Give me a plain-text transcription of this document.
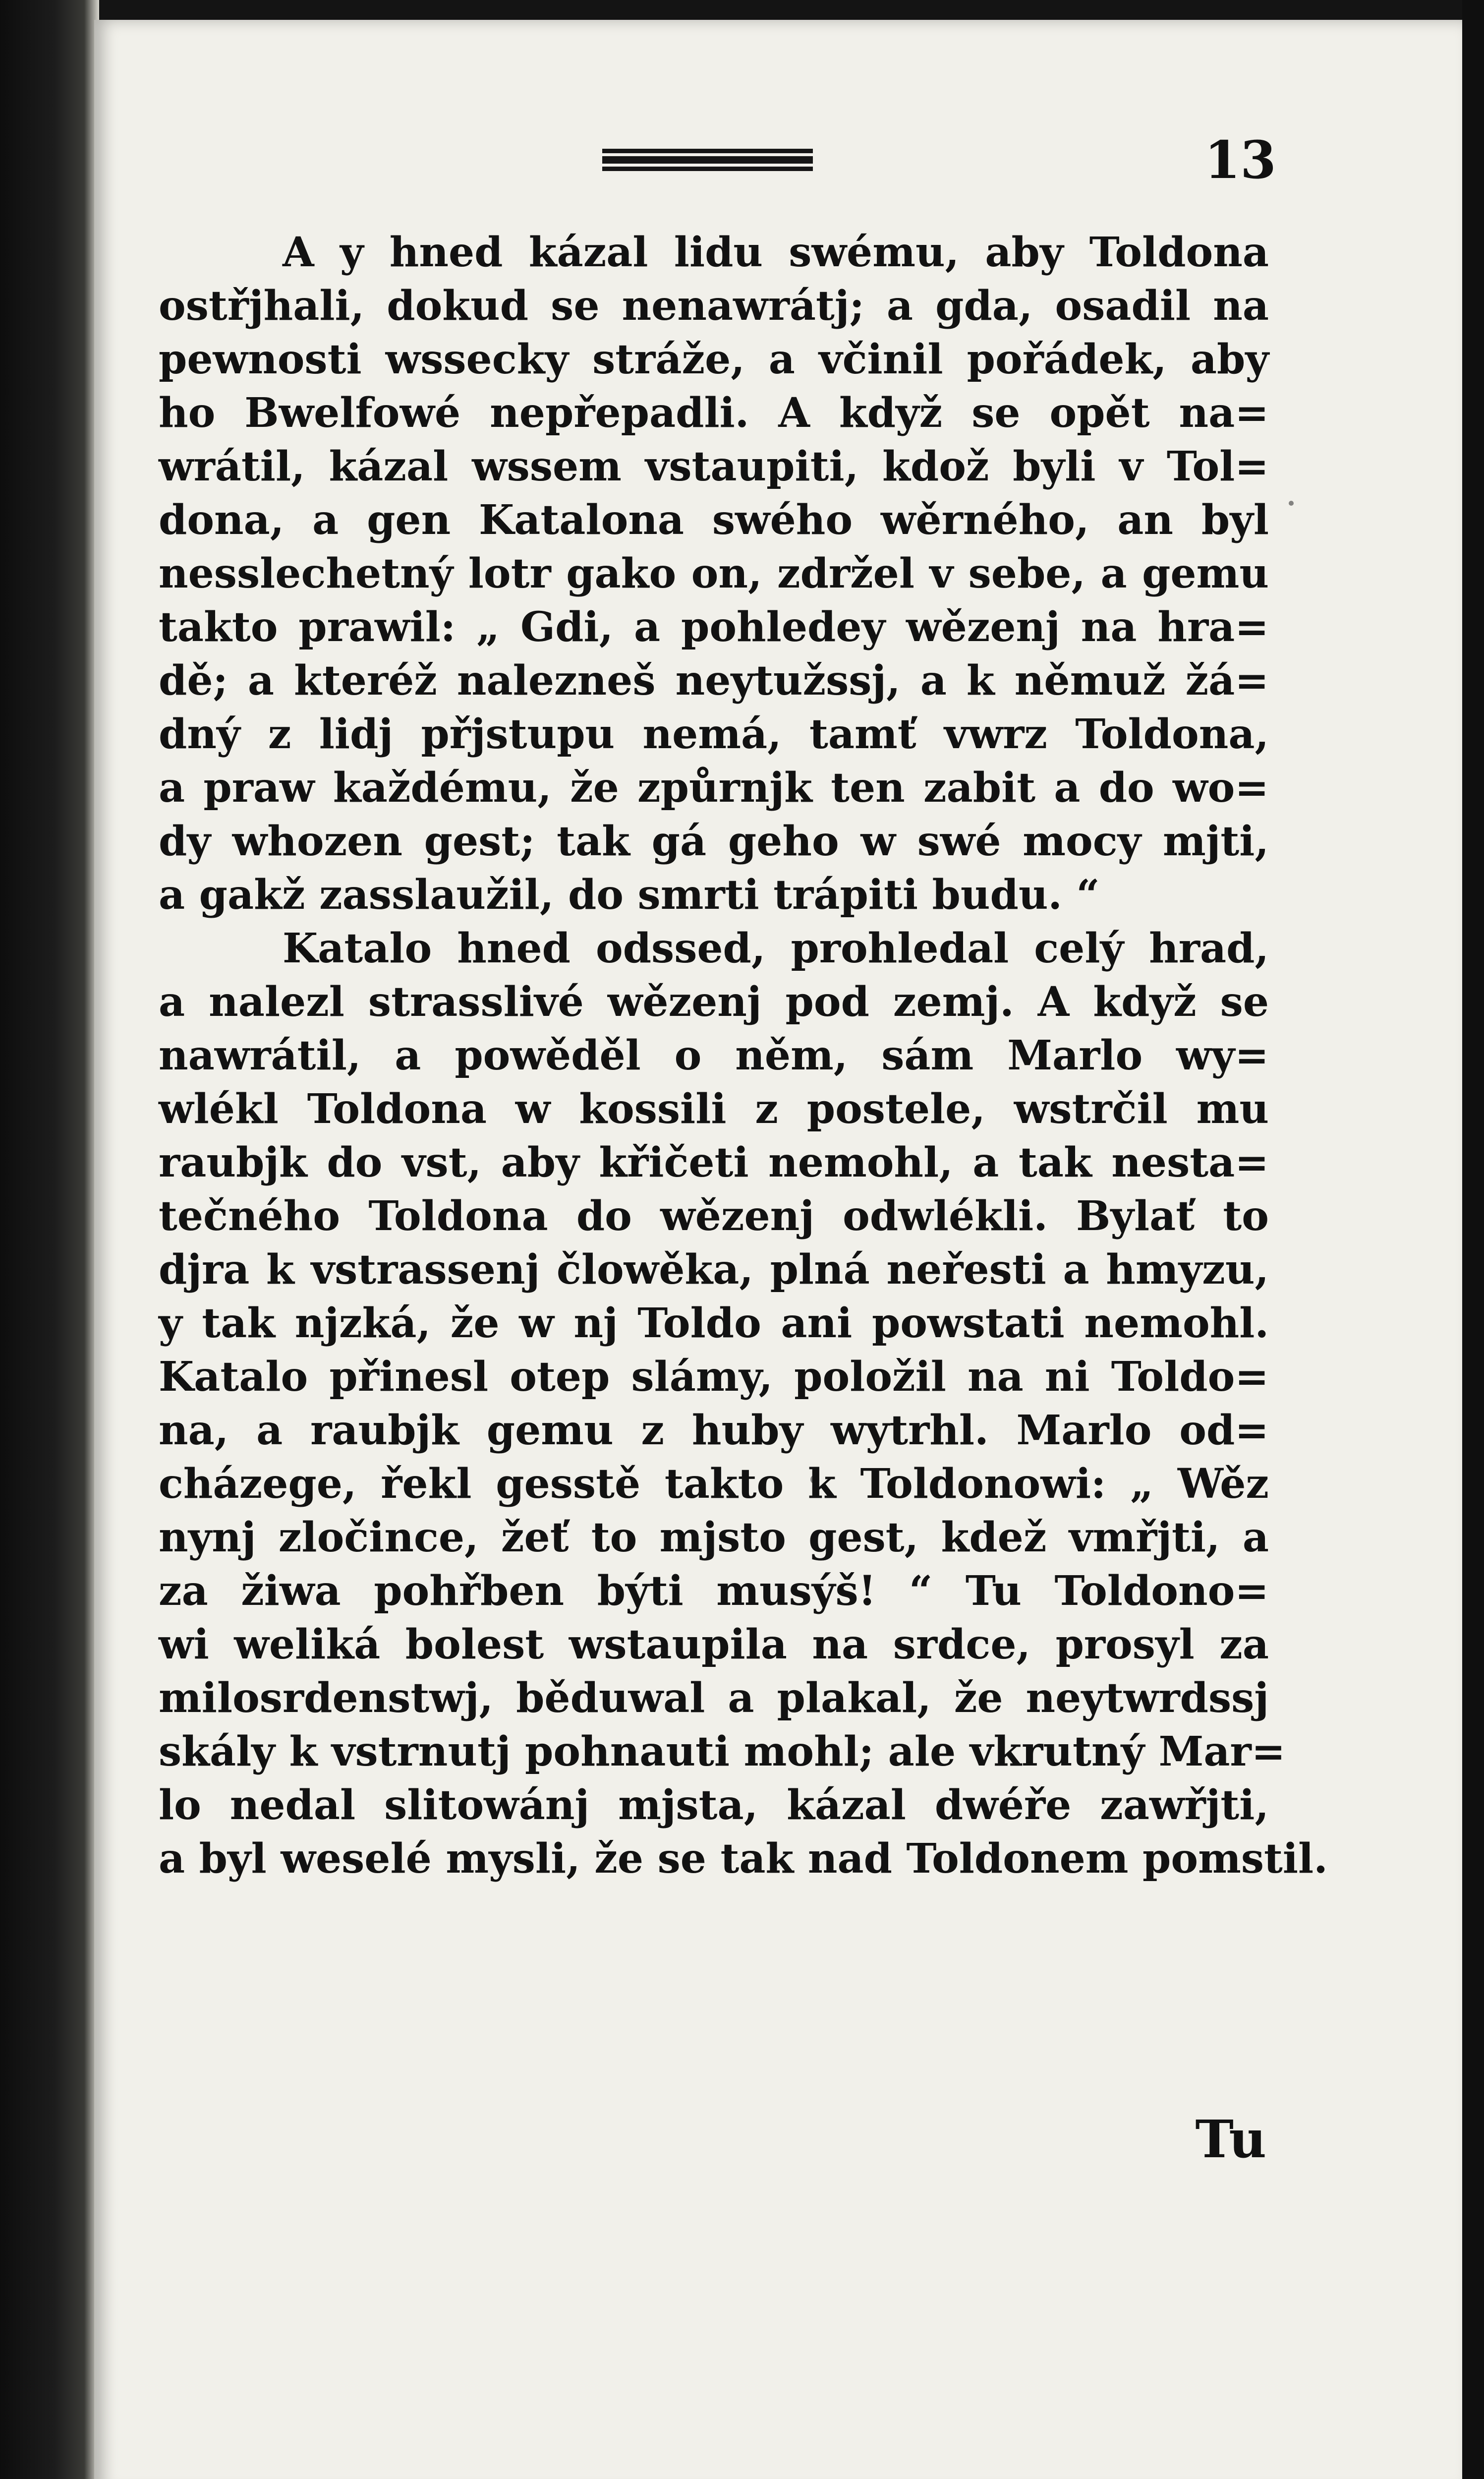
13
A y hned kázal lidu swému, aby Toldona
ostřjhali, dokud se nenawrátj; a gda, osadil na
pewnosti wssecky stráže, a včinil pořádek, aby
ho Bwelfowé nepřepadli. A když se opět na=
wrátil, kázal wssem vstaupiti, kdož byli v Tol=
dona, a gen Katalona swého wěrného, an byl
nesslechetný lotr gako on, zdržel v sebe, a gemu
takto prawil: „ Gdi, a pohledey wězenj na hra=
dě; a kteréž nalezneš neytužssj, a k němuž žá=
dný z lidj přjstupu nemá, tamť vwrz Toldona,
a praw každému, že způrnjk ten zabit a do wo=
dy whozen gest; tak gá geho w swé mocy mjti,
a gakž zasslaužil, do smrti trápiti budu. “
Katalo hned odssed, prohledal celý hrad,
a nalezl strasslivé wězenj pod zemj. A když se
nawrátil, a powěděl o něm, sám Marlo wy=
wlékl Toldona w kossili z postele, wstrčil mu
raubjk do vst, aby křičeti nemohl, a tak nesta=
tečného Toldona do wězenj odwlékli. Bylať to
djra k vstrassenj člowěka, plná neřesti a hmyzu,
y tak njzká, že w nj Toldo ani powstati nemohl.
Katalo přinesl otep slámy, položil na ni Toldo=
na, a raubjk gemu z huby wytrhl. Marlo od=
cházege, řekl gesstě takto k Toldonowi: „ Wěz
nynj zločince, žeť to mjsto gest, kdež vmřjti, a
za žiwa pohřben býti musýš! “ Tu Toldono=
wi weliká bolest wstaupila na srdce, prosyl za
milosrdenstwj, běduwal a plakal, že neytwrdssj
skály k vstrnutj pohnauti mohl; ale vkrutný Mar=
lo nedal slitowánj mjsta, kázal dwéře zawřjti,
a byl weselé mysli, že se tak nad Toldonem pomstil.
Tu
